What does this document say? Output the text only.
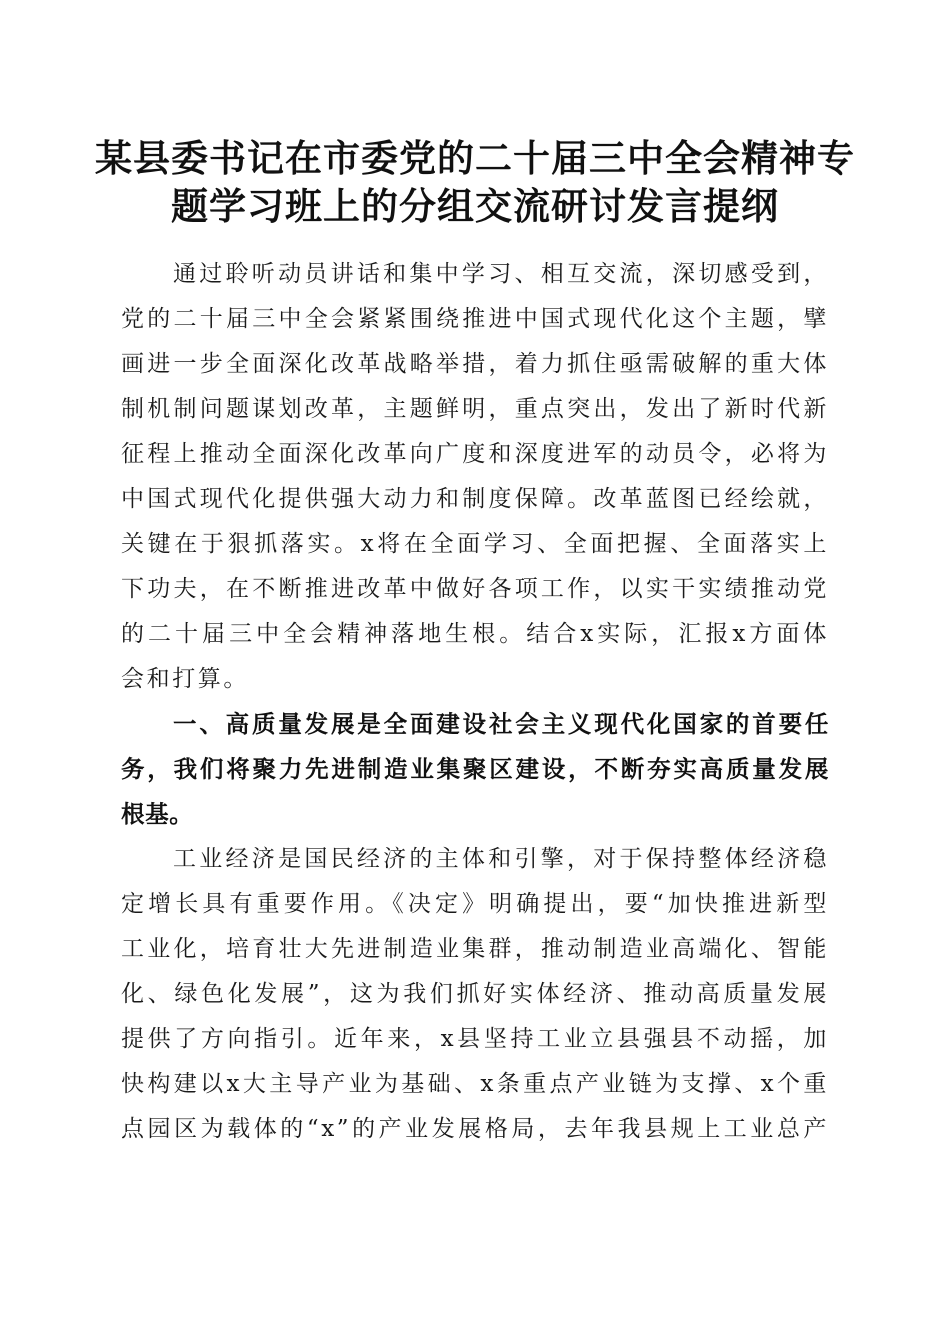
某县委书记在市委党的二十届三中全会精神专
题学习班上的分组交流研讨发言提纲

通过聆听动员讲话和集中学习、相互交流，深切感受到，
党的二十届三中全会紧紧围绕推进中国式现代化这个主题，擘
画进一步全面深化改革战略举措，着力抓住亟需破解的重大体
制机制问题谋划改革，主题鲜明，重点突出，发出了新时代新
征程上推动全面深化改革向广度和深度进军的动员令，必将为
中国式现代化提供强大动力和制度保障。改革蓝图已经绘就，
关键在于狠抓落实。x将在全面学习、全面把握、全面落实上
下功夫，在不断推进改革中做好各项工作，以实干实绩推动党
的二十届三中全会精神落地生根。结合x实际，汇报x方面体
会和打算。

一、高质量发展是全面建设社会主义现代化国家的首要任
务，我们将聚力先进制造业集聚区建设，不断夯实高质量发展
根基。

工业经济是国民经济的主体和引擎，对于保持整体经济稳
定增长具有重要作用。《决定》明确提出，要“加快推进新型
工业化，培育壮大先进制造业集群，推动制造业高端化、智能
化、绿色化发展”，这为我们抓好实体经济、推动高质量发展
提供了方向指引。近年来，x县坚持工业立县强县不动摇，加
快构建以x大主导产业为基础、x条重点产业链为支撑、x个重
点园区为载体的“x”的产业发展格局，去年我县规上工业总产
